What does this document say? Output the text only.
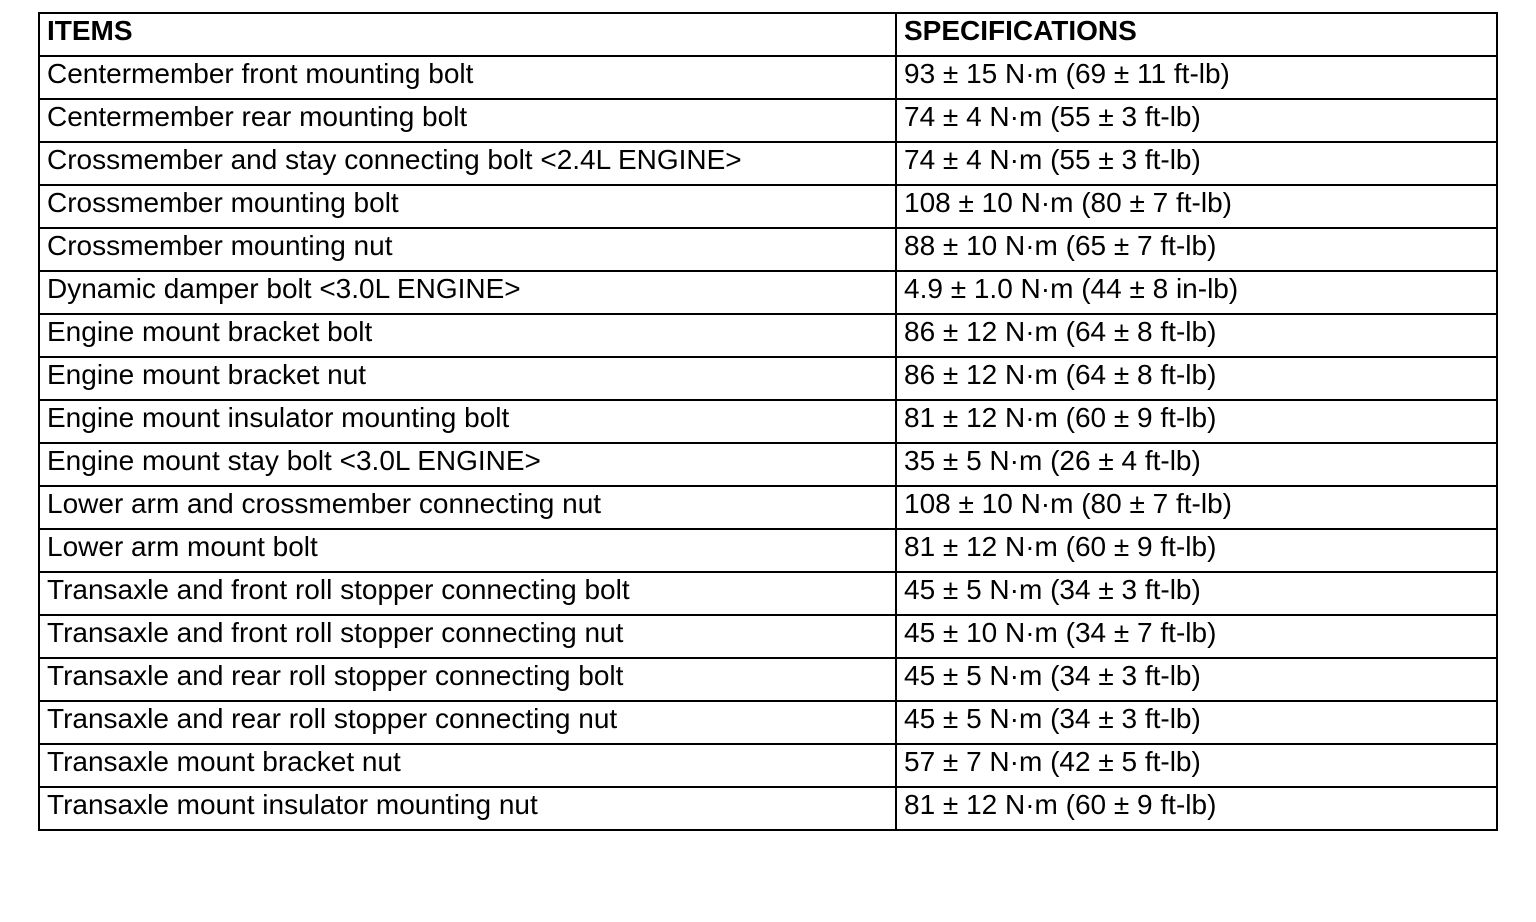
ITEMS	SPECIFICATIONS
Centermember front mounting bolt	93 ± 15 N·m (69 ± 11 ft-lb)
Centermember rear mounting bolt	74 ± 4 N·m (55 ± 3 ft-lb)
Crossmember and stay connecting bolt <2.4L ENGINE>	74 ± 4 N·m (55 ± 3 ft-lb)
Crossmember mounting bolt	108 ± 10 N·m (80 ± 7 ft-lb)
Crossmember mounting nut	88 ± 10 N·m (65 ± 7 ft-lb)
Dynamic damper bolt <3.0L ENGINE>	4.9 ± 1.0 N·m (44 ± 8 in-lb)
Engine mount bracket bolt	86 ± 12 N·m (64 ± 8 ft-lb)
Engine mount bracket nut	86 ± 12 N·m (64 ± 8 ft-lb)
Engine mount insulator mounting bolt	81 ± 12 N·m (60 ± 9 ft-lb)
Engine mount stay bolt <3.0L ENGINE>	35 ± 5 N·m (26 ± 4 ft-lb)
Lower arm and crossmember connecting nut	108 ± 10 N·m (80 ± 7 ft-lb)
Lower arm mount bolt	81 ± 12 N·m (60 ± 9 ft-lb)
Transaxle and front roll stopper connecting bolt	45 ± 5 N·m (34 ± 3 ft-lb)
Transaxle and front roll stopper connecting nut	45 ± 10 N·m (34 ± 7 ft-lb)
Transaxle and rear roll stopper connecting bolt	45 ± 5 N·m (34 ± 3 ft-lb)
Transaxle and rear roll stopper connecting nut	45 ± 5 N·m (34 ± 3 ft-lb)
Transaxle mount bracket nut	57 ± 7 N·m (42 ± 5 ft-lb)
Transaxle mount insulator mounting nut	81 ± 12 N·m (60 ± 9 ft-lb)
